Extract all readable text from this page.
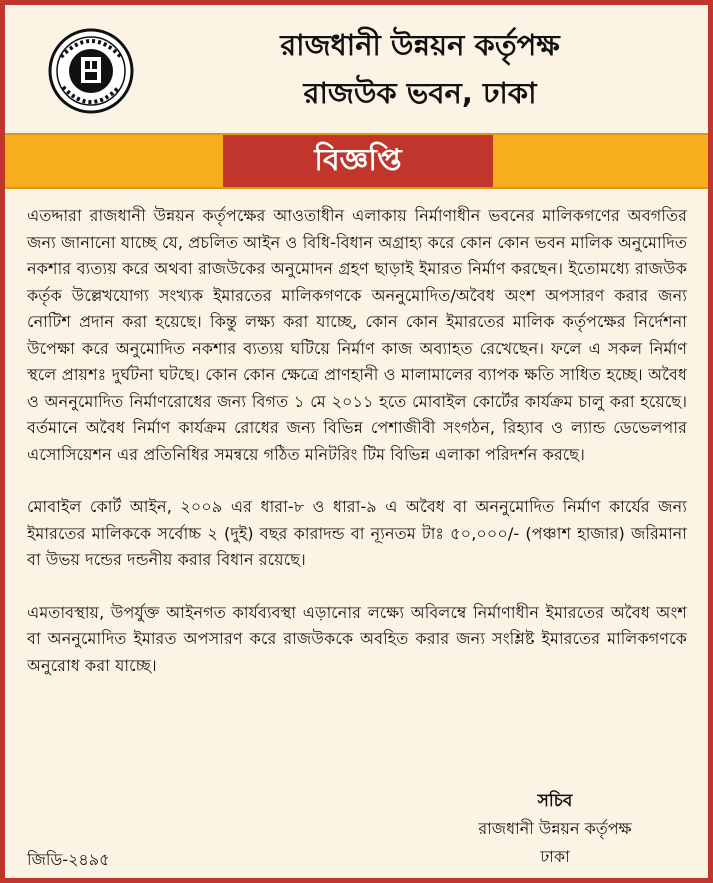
রাজধানী উন্নয়ন কর্তৃপক্ষ
রাজউক ভবন, ঢাকা
বিজ্ঞপ্তি

এতদ্দারা রাজধানী উন্নয়ন কর্তৃপক্ষের আওতাধীন এলাকায় নির্মাণাধীন ভবনের মালিকগণের অবগতির জন্য জানানো যাচ্ছে যে, প্রচলিত আইন ও বিধি-বিধান অগ্রাহ্য করে কোন কোন ভবন মালিক অনুমোদিত নকশার ব্যত্যয় করে অথবা রাজউকের অনুমোদন গ্রহণ ছাড়াই ইমারত নির্মাণ করছেন। ইতোমধ্যে রাজউক কর্তৃক উল্লেখযোগ্য সংখ্যক ইমারতের মালিকগণকে অননুমোদিত/অবৈধ অংশ অপসারণ করার জন্য নোটিশ প্রদান করা হয়েছে। কিন্তু লক্ষ্য করা যাচ্ছে, কোন কোন ইমারতের মালিক কর্তৃপক্ষের নির্দেশনা উপেক্ষা করে অনুমোদিত নকশার ব্যত্যয় ঘটিয়ে নির্মাণ কাজ অব্যাহত রেখেছেন। ফলে এ সকল নির্মাণ স্থলে প্রায়শঃ দুর্ঘটনা ঘটছে। কোন কোন ক্ষেত্রে প্রাণহানী ও মালামালের ব্যাপক ক্ষতি সাধিত হচ্ছে। অবৈধ ও অননুমোদিত নির্মাণরোধের জন্য বিগত ১ মে ২০১১ হতে মোবাইল কোর্টের কার্যক্রম চালু করা হয়েছে। বর্তমানে অবৈধ নির্মাণ কার্যক্রম রোধের জন্য বিভিন্ন পেশাজীবী সংগঠন, রিহ্যাব ও ল্যান্ড ডেভেলপার এসোসিয়েশন এর প্রতিনিধির সমন্বয়ে গঠিত মনিটরিং টিম বিভিন্ন এলাকা পরিদর্শন করছে।

মোবাইল কোর্ট আইন, ২০০৯ এর ধারা-৮ ও ধারা-৯ এ অবৈধ বা অননুমোদিত নির্মাণ কার্যের জন্য ইমারতের মালিককে সর্বোচ্চ ২ (দুই) বছর কারাদন্ড বা ন্যূনতম টাঃ ৫০,০০০/- (পঞ্চাশ হাজার) জরিমানা বা উভয় দন্ডের দন্ডনীয় করার বিধান রয়েছে।

এমতাবস্থায়, উপর্যুক্ত আইনগত কার্যব্যবস্থা এড়ানোর লক্ষ্যে অবিলম্বে নির্মাণাধীন ইমারতের অবৈধ অংশ বা অননুমোদিত ইমারত অপসারণ করে রাজউককে অবহিত করার জন্য সংশ্লিষ্ট ইমারতের মালিকগণকে অনুরোধ করা যাচ্ছে।

সচিব
রাজধানী উন্নয়ন কর্তৃপক্ষ
ঢাকা
জিডি-২৪৯৫
